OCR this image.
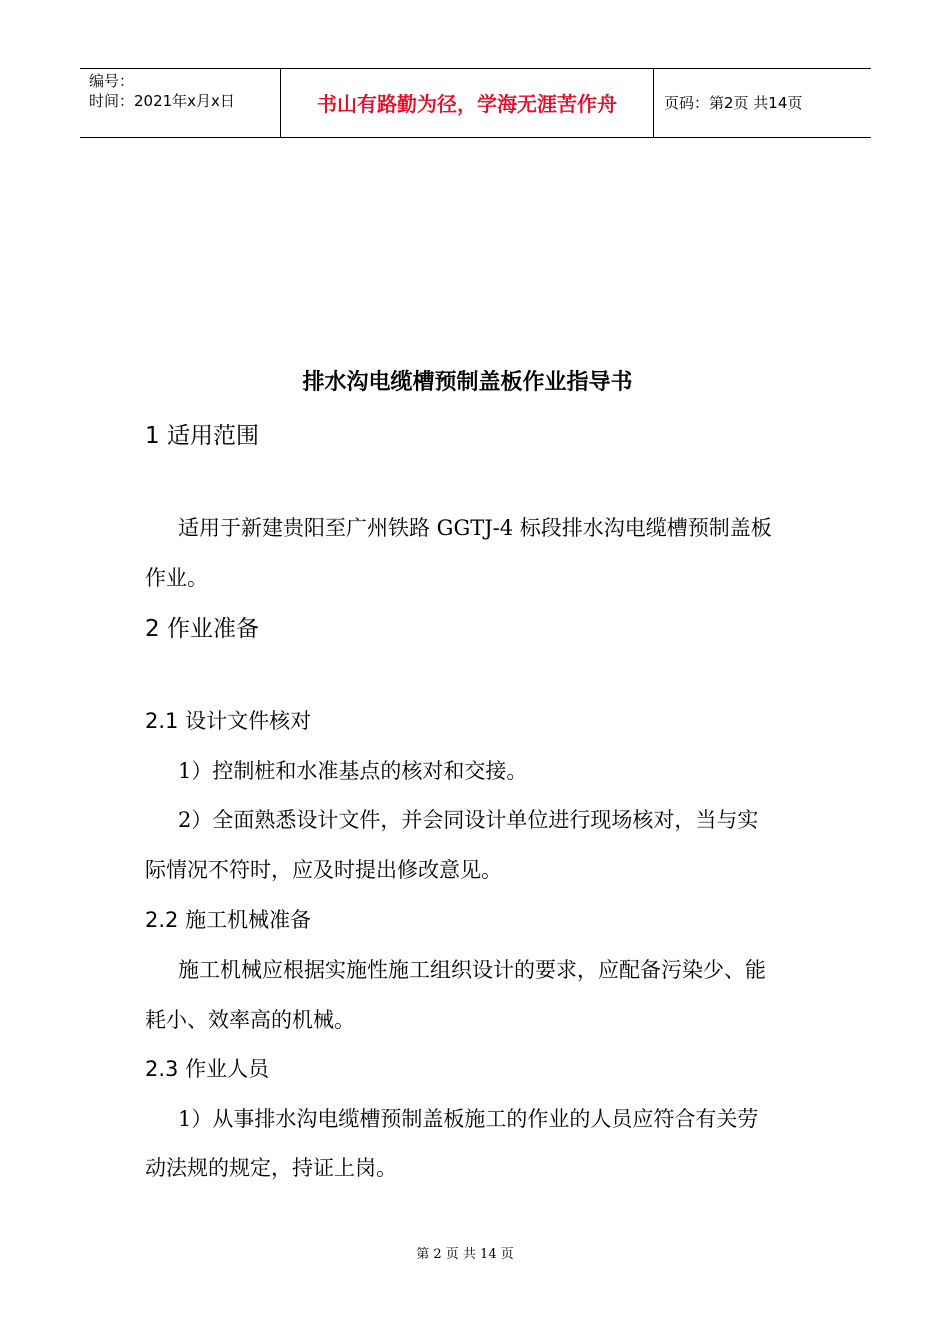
编号：
时间：2021年x月x日	书山有路勤为径，学海无涯苦作舟	页码：第2页 共14页
排水沟电缆槽预制盖板作业指导书
1 适用范围
适用于新建贵阳至广州铁路 GGTJ-4 标段排水沟电缆槽预制盖板
作业。
2 作业准备
2.1 设计文件核对
1）控制桩和水准基点的核对和交接。
2）全面熟悉设计文件，并会同设计单位进行现场核对，当与实
际情况不符时，应及时提出修改意见。
2.2 施工机械准备
施工机械应根据实施性施工组织设计的要求，应配备污染少、能
耗小、效率高的机械。
2.3 作业人员
1）从事排水沟电缆槽预制盖板施工的作业的人员应符合有关劳
动法规的规定，持证上岗。
第 2 页 共 14 页
